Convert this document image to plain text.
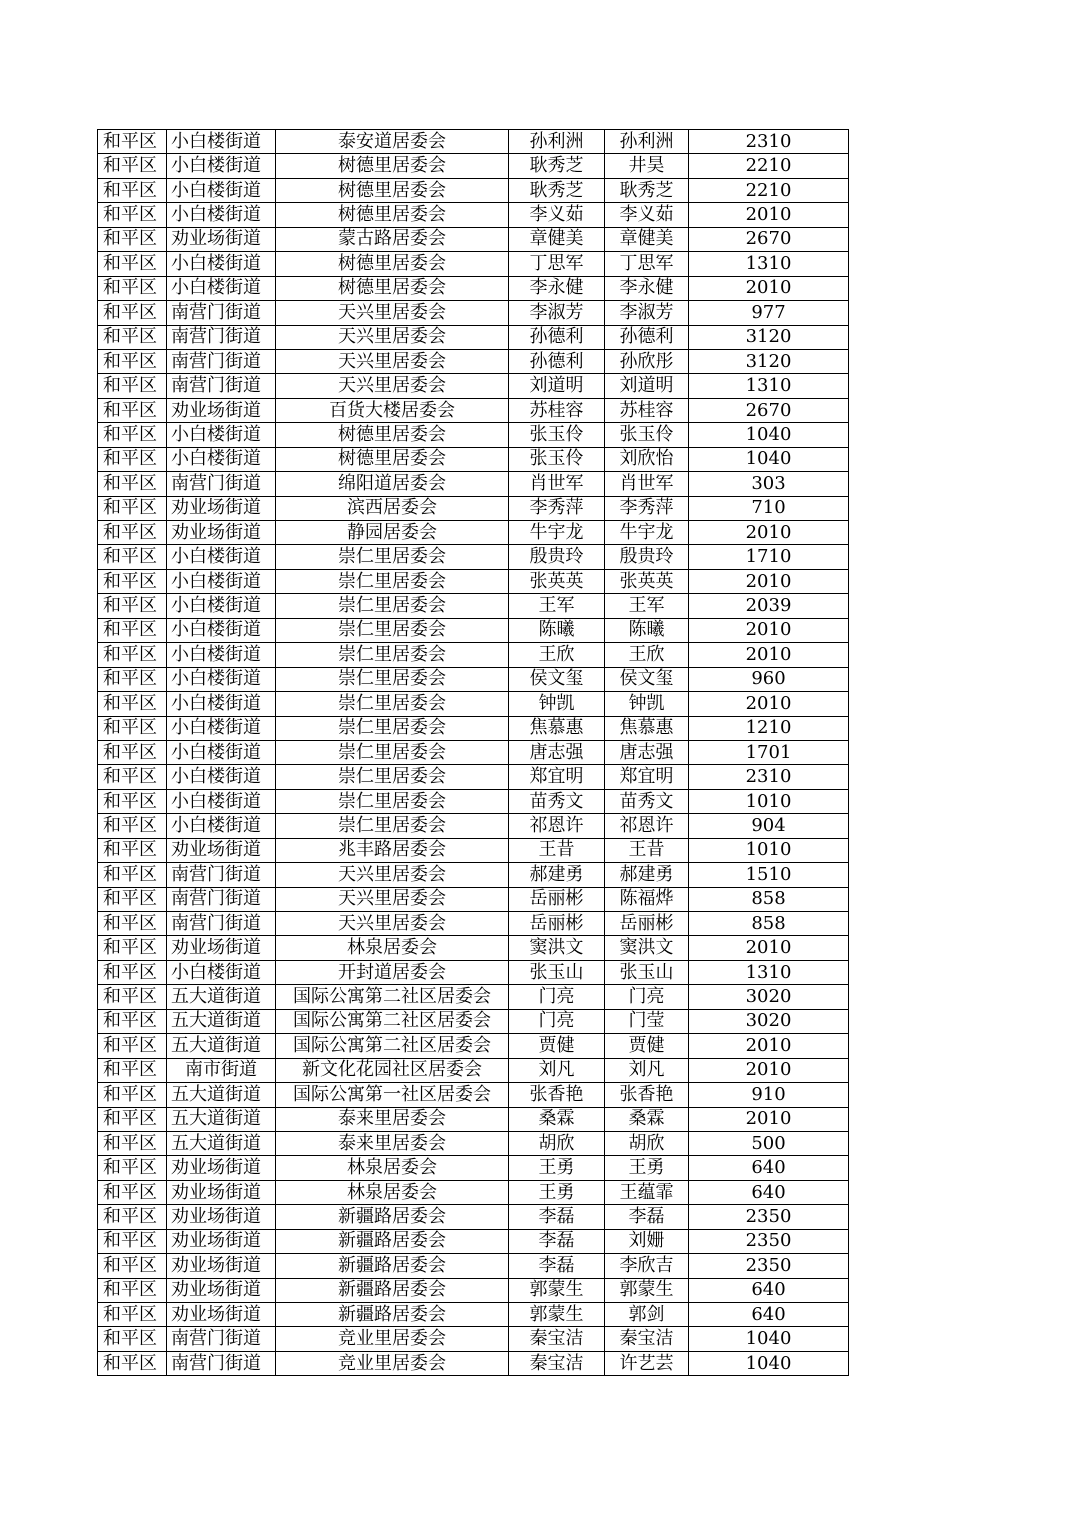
和平区	小白楼街道	泰安道居委会	孙利洲	孙利洲	2310
和平区	小白楼街道	树德里居委会	耿秀芝	井昊	2210
和平区	小白楼街道	树德里居委会	耿秀芝	耿秀芝	2210
和平区	小白楼街道	树德里居委会	李义茹	李义茹	2010
和平区	劝业场街道	蒙古路居委会	章健美	章健美	2670
和平区	小白楼街道	树德里居委会	丁思军	丁思军	1310
和平区	小白楼街道	树德里居委会	李永健	李永健	2010
和平区	南营门街道	天兴里居委会	李淑芳	李淑芳	977
和平区	南营门街道	天兴里居委会	孙德利	孙德利	3120
和平区	南营门街道	天兴里居委会	孙德利	孙欣彤	3120
和平区	南营门街道	天兴里居委会	刘道明	刘道明	1310
和平区	劝业场街道	百货大楼居委会	苏桂容	苏桂容	2670
和平区	小白楼街道	树德里居委会	张玉伶	张玉伶	1040
和平区	小白楼街道	树德里居委会	张玉伶	刘欣怡	1040
和平区	南营门街道	绵阳道居委会	肖世军	肖世军	303
和平区	劝业场街道	滨西居委会	李秀萍	李秀萍	710
和平区	劝业场街道	静园居委会	牛宇龙	牛宇龙	2010
和平区	小白楼街道	崇仁里居委会	殷贵玲	殷贵玲	1710
和平区	小白楼街道	崇仁里居委会	张英英	张英英	2010
和平区	小白楼街道	崇仁里居委会	王军	王军	2039
和平区	小白楼街道	崇仁里居委会	陈曦	陈曦	2010
和平区	小白楼街道	崇仁里居委会	王欣	王欣	2010
和平区	小白楼街道	崇仁里居委会	侯文玺	侯文玺	960
和平区	小白楼街道	崇仁里居委会	钟凯	钟凯	2010
和平区	小白楼街道	崇仁里居委会	焦慕惠	焦慕惠	1210
和平区	小白楼街道	崇仁里居委会	唐志强	唐志强	1701
和平区	小白楼街道	崇仁里居委会	郑宜明	郑宜明	2310
和平区	小白楼街道	崇仁里居委会	苗秀文	苗秀文	1010
和平区	小白楼街道	崇仁里居委会	祁恩许	祁恩许	904
和平区	劝业场街道	兆丰路居委会	王昔	王昔	1010
和平区	南营门街道	天兴里居委会	郝建勇	郝建勇	1510
和平区	南营门街道	天兴里居委会	岳丽彬	陈福烨	858
和平区	南营门街道	天兴里居委会	岳丽彬	岳丽彬	858
和平区	劝业场街道	林泉居委会	窦洪文	窦洪文	2010
和平区	小白楼街道	开封道居委会	张玉山	张玉山	1310
和平区	五大道街道	国际公寓第二社区居委会	门亮	门亮	3020
和平区	五大道街道	国际公寓第二社区居委会	门亮	门莹	3020
和平区	五大道街道	国际公寓第二社区居委会	贾健	贾健	2010
和平区	南市街道	新文化花园社区居委会	刘凡	刘凡	2010
和平区	五大道街道	国际公寓第一社区居委会	张香艳	张香艳	910
和平区	五大道街道	泰来里居委会	桑霖	桑霖	2010
和平区	五大道街道	泰来里居委会	胡欣	胡欣	500
和平区	劝业场街道	林泉居委会	王勇	王勇	640
和平区	劝业场街道	林泉居委会	王勇	王蕴霏	640
和平区	劝业场街道	新疆路居委会	李磊	李磊	2350
和平区	劝业场街道	新疆路居委会	李磊	刘姗	2350
和平区	劝业场街道	新疆路居委会	李磊	李欣吉	2350
和平区	劝业场街道	新疆路居委会	郭蒙生	郭蒙生	640
和平区	劝业场街道	新疆路居委会	郭蒙生	郭剑	640
和平区	南营门街道	竞业里居委会	秦宝洁	秦宝洁	1040
和平区	南营门街道	竞业里居委会	秦宝洁	许艺芸	1040
